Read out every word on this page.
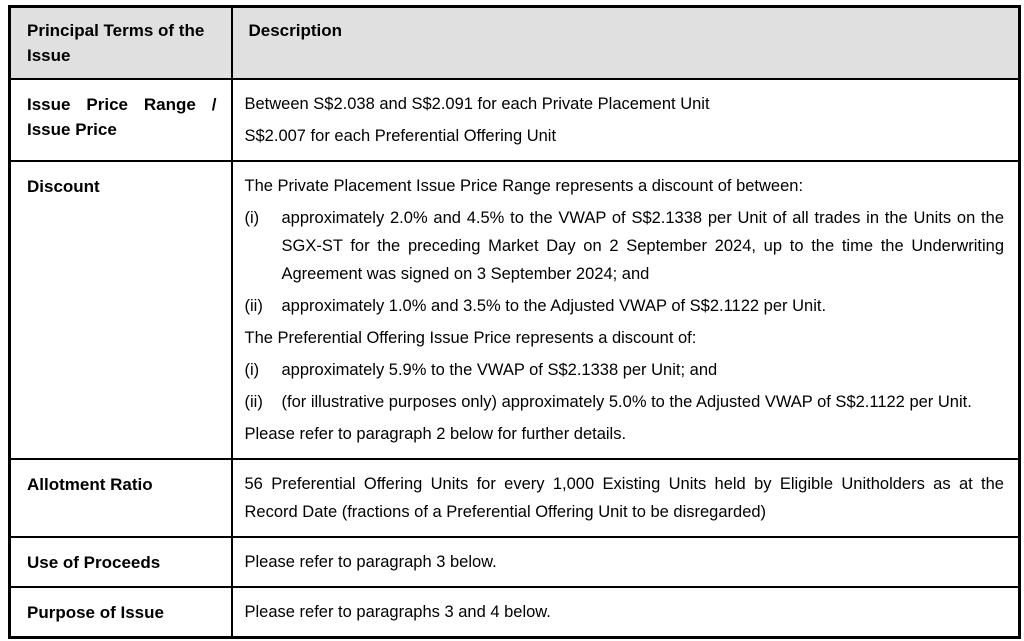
Principal Terms of the Issue	Description
Issue Price Range / Issue Price	Between S$2.038 and S$2.091 for each Private Placement Unit

S$2.007 for each Preferential Offering Unit

Discount	The Private Placement Issue Price Range represents a discount of between:

(i)	approximately 2.0% and 4.5% to the VWAP of S$2.1338 per Unit of all trades in the Units on the SGX-ST for the preceding Market Day on 2 September 2024, up to the time the Underwriting Agreement was signed on 3 September 2024; and
(ii)	approximately 1.0% and 3.5% to the Adjusted VWAP of S$2.1122 per Unit.

The Preferential Offering Issue Price represents a discount of:

(i)	approximately 5.9% to the VWAP of S$2.1338 per Unit; and
(ii)	(for illustrative purposes only) approximately 5.0% to the Adjusted VWAP of S$2.1122 per Unit.

Please refer to paragraph 2 below for further details.

Allotment Ratio	56 Preferential Offering Units for every 1,000 Existing Units held by Eligible Unitholders as at the Record Date (fractions of a Preferential Offering Unit to be disregarded)

Use of Proceeds	Please refer to paragraph 3 below.

Purpose of Issue	Please refer to paragraphs 3 and 4 below.
